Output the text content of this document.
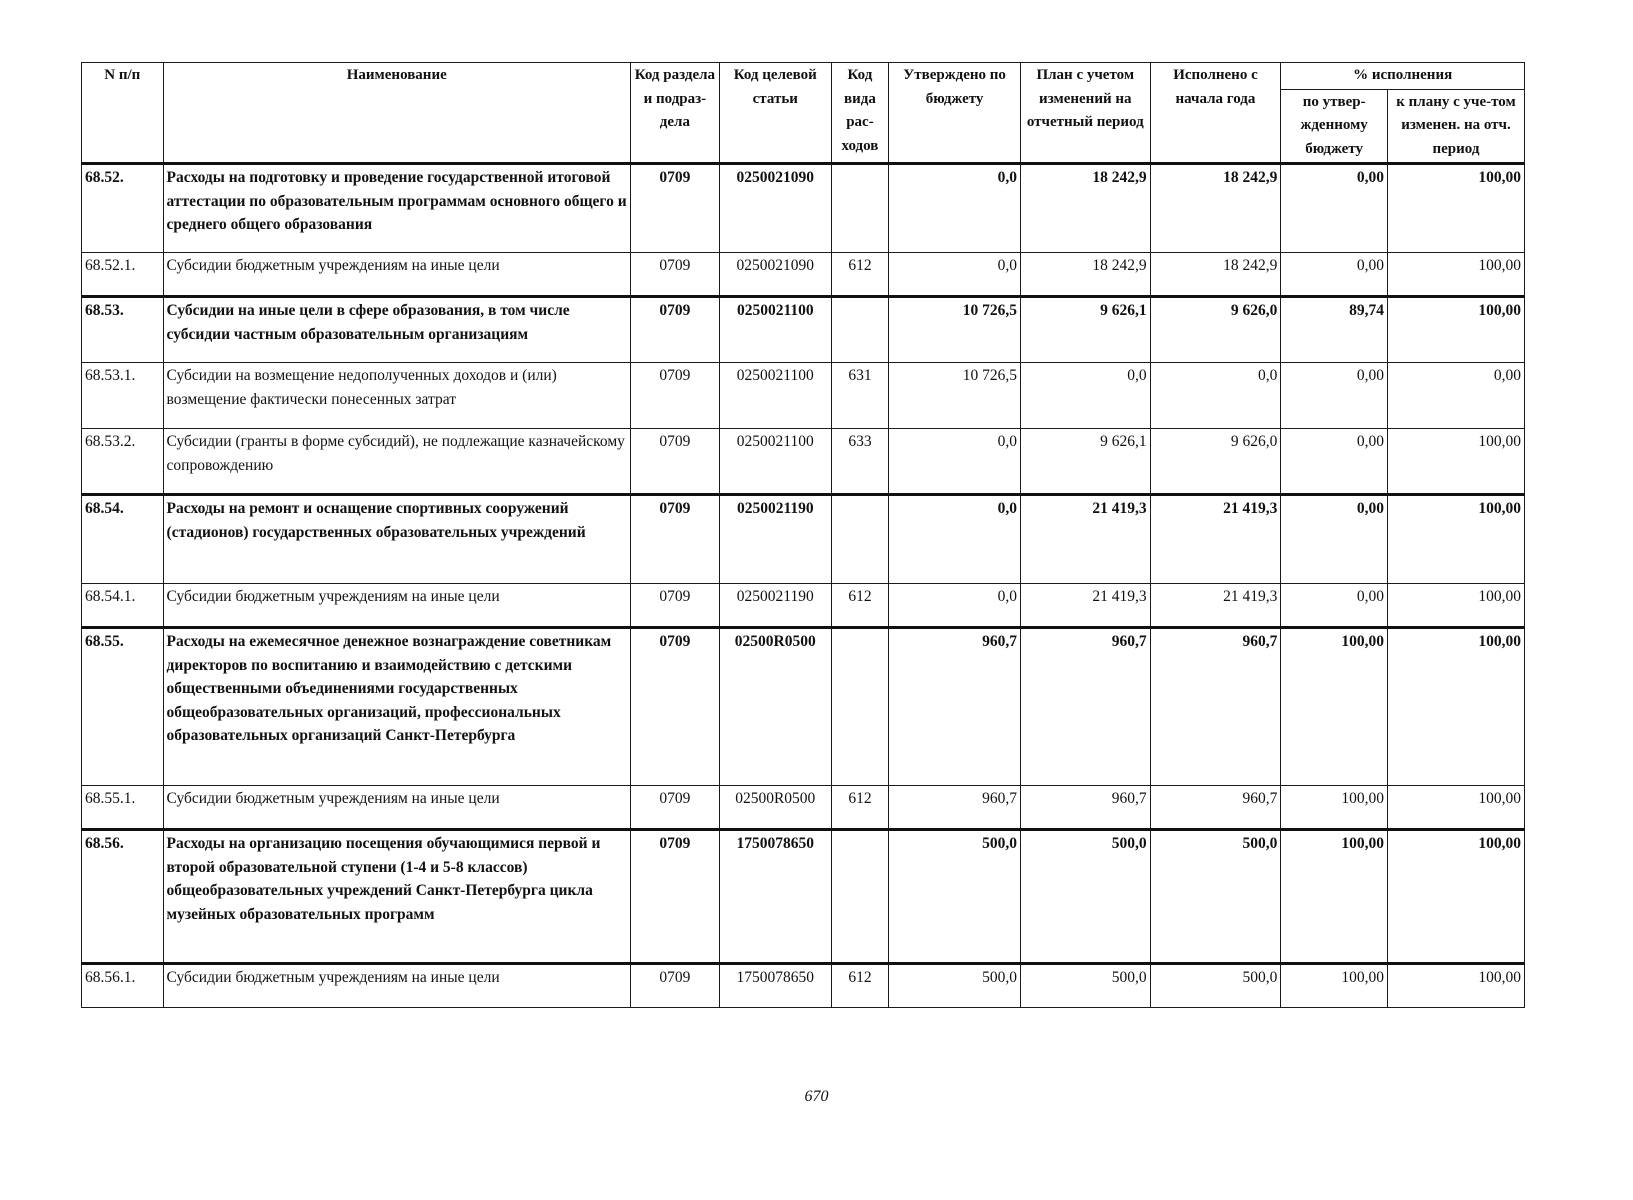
N п/п	Наименование	Код раздела и подраз-дела	Код целевой статьи	Код вида рас-ходов	Утверждено по бюджету	План с учетом изменений на отчетный период	Исполнено с начала года	% исполнения	
								по утвер-жденному бюджету	к плану с уче-том изменен. на отч. период
68.52.	Расходы на подготовку и проведение государственной итоговой аттестации по образовательным программам основного общего и среднего общего образования	0709	0250021090		0,0	18 242,9	18 242,9	0,00	100,00
68.52.1.	Субсидии бюджетным учреждениям на иные цели	0709	0250021090	612	0,0	18 242,9	18 242,9	0,00	100,00
68.53.	Субсидии на иные цели в сфере образования, в том числе субсидии частным образовательным организациям	0709	0250021100		10 726,5	9 626,1	9 626,0	89,74	100,00
68.53.1.	Субсидии на возмещение недополученных доходов и (или) возмещение фактически понесенных затрат	0709	0250021100	631	10 726,5	0,0	0,0	0,00	0,00
68.53.2.	Субсидии (гранты в форме субсидий), не подлежащие казначейскому сопровождению	0709	0250021100	633	0,0	9 626,1	9 626,0	0,00	100,00
68.54.	Расходы на ремонт и оснащение спортивных сооружений (стадионов) государственных образовательных учреждений	0709	0250021190		0,0	21 419,3	21 419,3	0,00	100,00
68.54.1.	Субсидии бюджетным учреждениям на иные цели	0709	0250021190	612	0,0	21 419,3	21 419,3	0,00	100,00
68.55.	Расходы на ежемесячное денежное вознаграждение советникам директоров по воспитанию и взаимодействию с детскими общественными объединениями государственных общеобразовательных организаций, профессиональных образовательных организаций Санкт-Петербурга	0709	02500R0500		960,7	960,7	960,7	100,00	100,00
68.55.1.	Субсидии бюджетным учреждениям на иные цели	0709	02500R0500	612	960,7	960,7	960,7	100,00	100,00
68.56.	Расходы на организацию посещения обучающимися первой и второй образовательной ступени (1-4 и 5-8 классов) общеобразовательных учреждений Санкт-Петербурга цикла музейных образовательных программ	0709	1750078650		500,0	500,0	500,0	100,00	100,00
68.56.1.	Субсидии бюджетным учреждениям на иные цели	0709	1750078650	612	500,0	500,0	500,0	100,00	100,00
670
